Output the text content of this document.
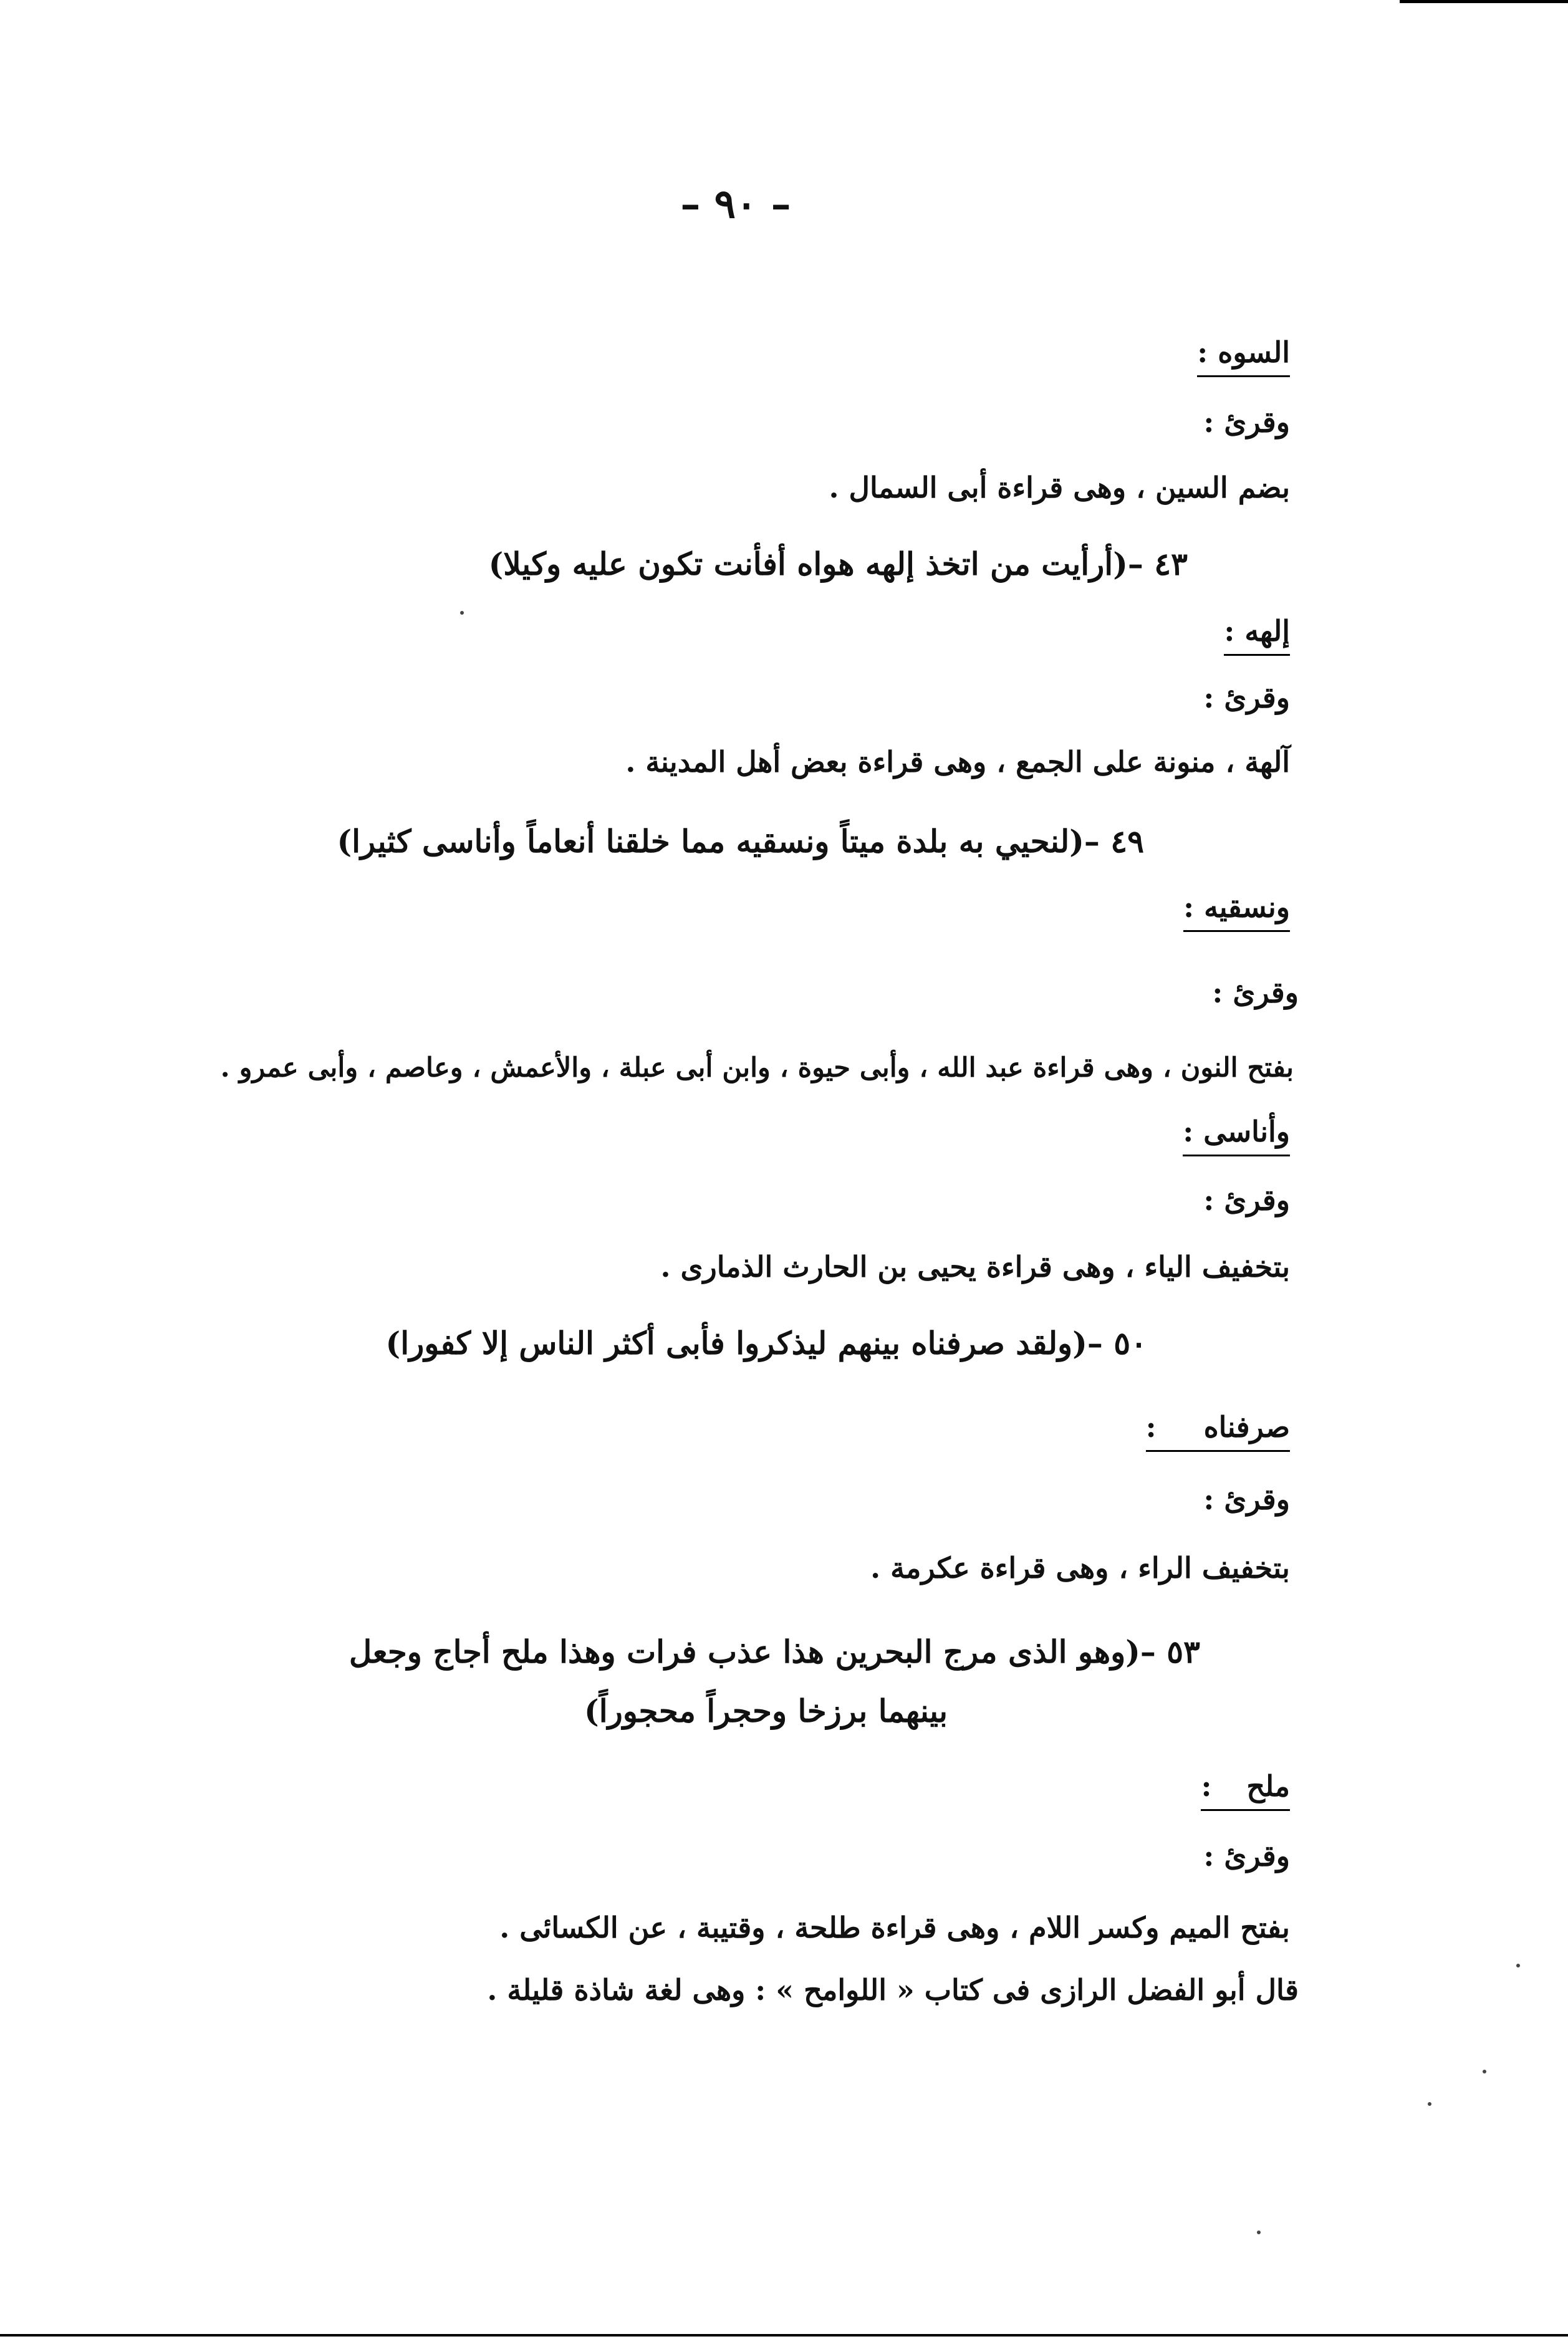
– ٩٠ –
السوه :
وقرئ :
بضم السين ، وهى قراءة أبى السمال .
٤٣ –(أرأيت من اتخذ إلهه هواه أفأنت تكون عليه وكيلا)
إلهه :
وقرئ :
آلهة ، منونة على الجمع ، وهى قراءة بعض أهل المدينة .
٤٩ –(لنحيي به بلدة ميتاً ونسقيه مما خلقنا أنعاماً وأناسى كثيرا)
ونسقيه :
وقرئ :
بفتح النون ، وهى قراءة عبد الله ، وأبى حيوة ، وابن أبى عبلة ، والأعمش ، وعاصم ، وأبى عمرو .
وأناسى :
وقرئ :
بتخفيف الياء ، وهى قراءة يحيى بن الحارث الذمارى .
٥٠ –(ولقد صرفناه بينهم ليذكروا فأبى أكثر الناس إلا كفورا)
صرفناه :
وقرئ :
بتخفيف الراء ، وهى قراءة عكرمة .
٥٣ –(وهو الذى مرج البحرين هذا عذب فرات وهذا ملح أجاج وجعل
بينهما برزخا وحجراً محجوراً)
ملح :
وقرئ :
بفتح الميم وكسر اللام ، وهى قراءة طلحة ، وقتيبة ، عن الكسائى .
قال أبو الفضل الرازى فى كتاب « اللوامح » : وهى لغة شاذة قليلة .
